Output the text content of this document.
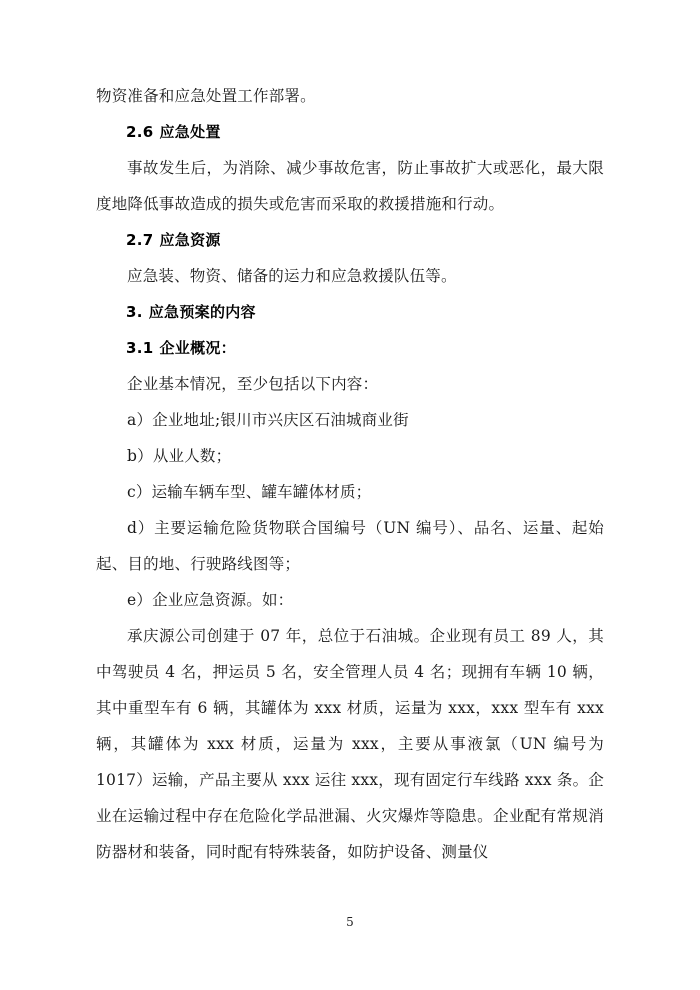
物资准备和应急处置工作部署。

2.6 应急处置

事故发生后，为消除、减少事故危害，防止事故扩大或恶化，最大限度地降低事故造成的损失或危害而采取的救援措施和行动。

2.7 应急资源

应急装、物资、储备的运力和应急救援队伍等。

3. 应急预案的内容

3.1 企业概况：

企业基本情况，至少包括以下内容：

a）企业地址;银川市兴庆区石油城商业街

b）从业人数；

c）运输车辆车型、罐车罐体材质；

d）主要运输危险货物联合国编号（UN 编号）、品名、运量、起始起、目的地、行驶路线图等；

e）企业应急资源。如：

承庆源公司创建于 07 年，总位于石油城。企业现有员工 89 人，其中驾驶员 4 名，押运员 5 名，安全管理人员 4 名；现拥有车辆 10 辆，其中重型车有 6 辆，其罐体为 xxx 材质，运量为 xxx，xxx 型车有 xxx 辆，其罐体为 xxx 材质，运量为 xxx，主要从事液氯（UN 编号为 1017）运输，产品主要从 xxx 运往 xxx，现有固定行车线路 xxx 条。企业在运输过程中存在危险化学品泄漏、火灾爆炸等隐患。企业配有常规消防器材和装备，同时配有特殊装备，如防护设备、测量仪

5
